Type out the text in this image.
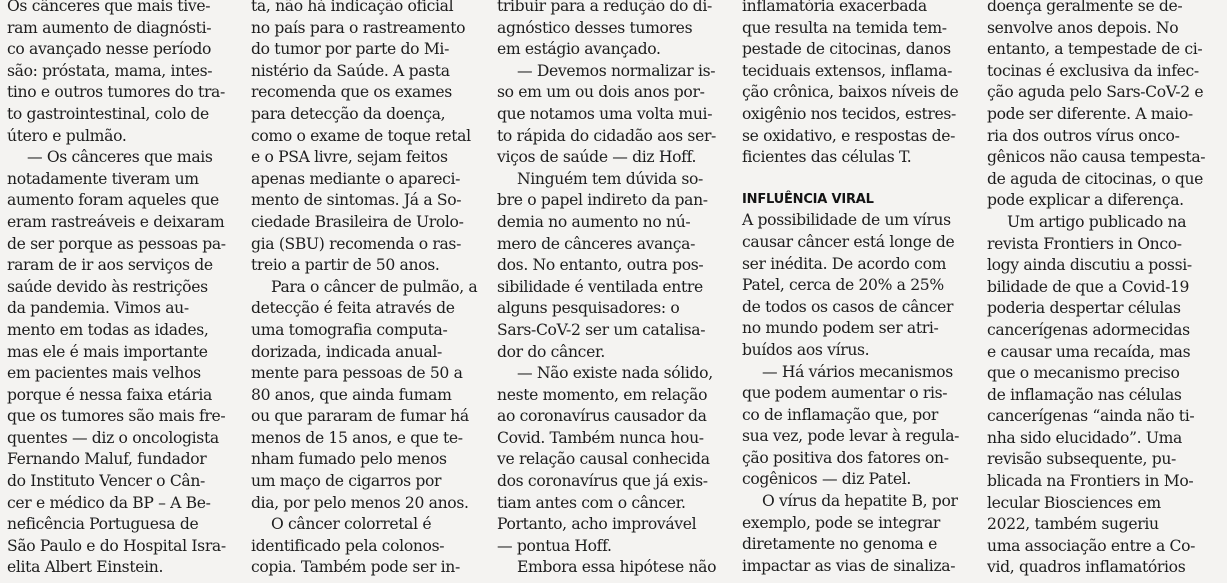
Os cânceres que mais tive-

ram aumento de diagnósti-

co avançado nesse período

são: próstata, mama, intes-

tino e outros tumores do tra-

to gastrointestinal, colo de

útero e pulmão.

— Os cânceres que mais

notadamente tiveram um

aumento foram aqueles que

eram rastreáveis e deixaram

de ser porque as pessoas pa-

raram de ir aos serviços de

saúde devido às restrições

da pandemia. Vimos au-

mento em todas as idades,

mas ele é mais importante

em pacientes mais velhos

porque é nessa faixa etária

que os tumores são mais fre-

quentes — diz o oncologista

Fernando Maluf, fundador

do Instituto Vencer o Cân-

cer e médico da BP – A Be-

neficência Portuguesa de

São Paulo e do Hospital Isra-

elita Albert Einstein.

ta, não há indicação oficial

no país para o rastreamento

do tumor por parte do Mi-

nistério da Saúde. A pasta

recomenda que os exames

para detecção da doença,

como o exame de toque retal

e o PSA livre, sejam feitos

apenas mediante o apareci-

mento de sintomas. Já a So-

ciedade Brasileira de Urolo-

gia (SBU) recomenda o ras-

treio a partir de 50 anos.

Para o câncer de pulmão, a

detecção é feita através de

uma tomografia computa-

dorizada, indicada anual-

mente para pessoas de 50 a

80 anos, que ainda fumam

ou que pararam de fumar há

menos de 15 anos, e que te-

nham fumado pelo menos

um maço de cigarros por

dia, por pelo menos 20 anos.

O câncer colorretal é

identificado pela colonos-

copia. Também pode ser in-

tribuir para a redução do di-

agnóstico desses tumores

em estágio avançado.

— Devemos normalizar is-

so em um ou dois anos por-

que notamos uma volta mui-

to rápida do cidadão aos ser-

viços de saúde — diz Hoff.

Ninguém tem dúvida so-

bre o papel indireto da pan-

demia no aumento no nú-

mero de cânceres avança-

dos. No entanto, outra pos-

sibilidade é ventilada entre

alguns pesquisadores: o

Sars-CoV-2 ser um catalisa-

dor do câncer.

— Não existe nada sólido,

neste momento, em relação

ao coronavírus causador da

Covid. Também nunca hou-

ve relação causal conhecida

dos coronavírus que já exis-

tiam antes com o câncer.

Portanto, acho improvável

— pontua Hoff.

Embora essa hipótese não

inflamatória exacerbada

que resulta na temida tem-

pestade de citocinas, danos

teciduais extensos, inflama-

ção crônica, baixos níveis de

oxigênio nos tecidos, estres-

se oxidativo, e respostas de-

ficientes das células T.

INFLUÊNCIA VIRAL

A possibilidade de um vírus

causar câncer está longe de

ser inédita. De acordo com

Patel, cerca de 20% a 25%

de todos os casos de câncer

no mundo podem ser atri-

buídos aos vírus.

— Há vários mecanismos

que podem aumentar o ris-

co de inflamação que, por

sua vez, pode levar à regula-

ção positiva dos fatores on-

cogênicos — diz Patel.

O vírus da hepatite B, por

exemplo, pode se integrar

diretamente no genoma e

impactar as vias de sinaliza-

doença geralmente se de-

senvolve anos depois. No

entanto, a tempestade de ci-

tocinas é exclusiva da infec-

ção aguda pelo Sars-CoV-2 e

pode ser diferente. A maio-

ria dos outros vírus onco-

gênicos não causa tempesta-

de aguda de citocinas, o que

pode explicar a diferença.

Um artigo publicado na

revista Frontiers in Onco-

logy ainda discutiu a possi-

bilidade de que a Covid-19

poderia despertar células

cancerígenas adormecidas

e causar uma recaída, mas

que o mecanismo preciso

de inflamação nas células

cancerígenas “ainda não ti-

nha sido elucidado”. Uma

revisão subsequente, pu-

blicada na Frontiers in Mo-

lecular Biosciences em

2022, também sugeriu

uma associação entre a Co-

vid, quadros inflamatórios
